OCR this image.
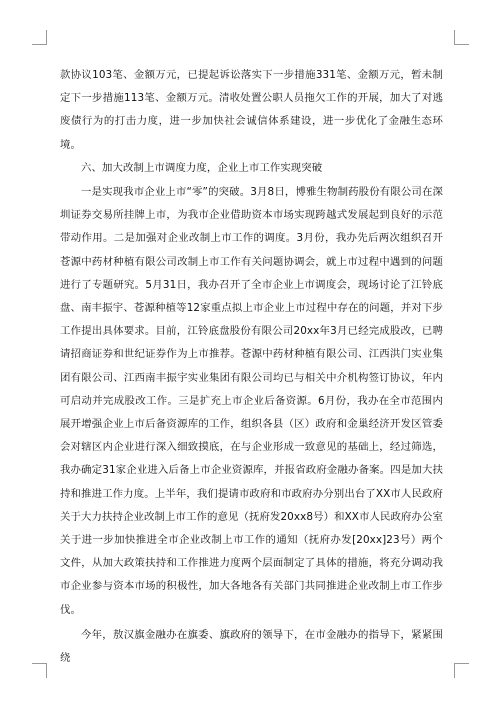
款协议103笔、金额万元，已提起诉讼落实下一步措施331笔、金额万元，暂未制定下一步措施113笔、金额万元。清收处置公职人员拖欠工作的开展，加大了对逃废债行为的打击力度，进一步加快社会诚信体系建设，进一步优化了金融生态环境。

六、加大改制上市调度力度，企业上市工作实现突破

一是实现我市企业上市“零”的突破。3月8日，博雅生物制药股份有限公司在深圳证券交易所挂牌上市，为我市企业借助资本市场实现跨越式发展起到良好的示范带动作用。二是加强对企业改制上市工作的调度。3月份，我办先后两次组织召开苍源中药材种植有限公司改制上市工作有关问题协调会，就上市过程中遇到的问题进行了专题研究。5月31日，我办召开了全市企业上市调度会，现场讨论了江铃底盘、南丰振宇、苍源种植等12家重点拟上市企业上市过程中存在的问题，并对下步工作提出具体要求。目前，江铃底盘股份有限公司20xx年3月已经完成股改，已聘请招商证券和世纪证券作为上市推荐。苍源中药材种植有限公司、江西洪门实业集团有限公司、江西南丰振宇实业集团有限公司均已与相关中介机构签订协议，年内可启动并完成股改工作。三是扩充上市企业后备资源。6月份，我办在全市范围内展开增强企业上市后备资源库的工作，组织各县（区）政府和金巢经济开发区管委会对辖区内企业进行深入细致摸底，在与企业形成一致意见的基础上，经过筛选，我办确定31家企业进入后备上市企业资源库，并报省政府金融办备案。四是加大扶持和推进工作力度。上半年，我们提请市政府和市政府办分别出台了XX市人民政府关于大力扶持企业改制上市工作的意见（抚府发20xx8号）和XX市人民政府办公室关于进一步加快推进全市企业改制上市工作的通知（抚府办发[20xx]23号）两个文件，从加大政策扶持和工作推进力度两个层面制定了具体的措施，将充分调动我市企业参与资本市场的积极性，加大各地各有关部门共同推进企业改制上市工作步伐。

今年，敖汉旗金融办在旗委、旗政府的领导下，在市金融办的指导下，紧紧围绕
